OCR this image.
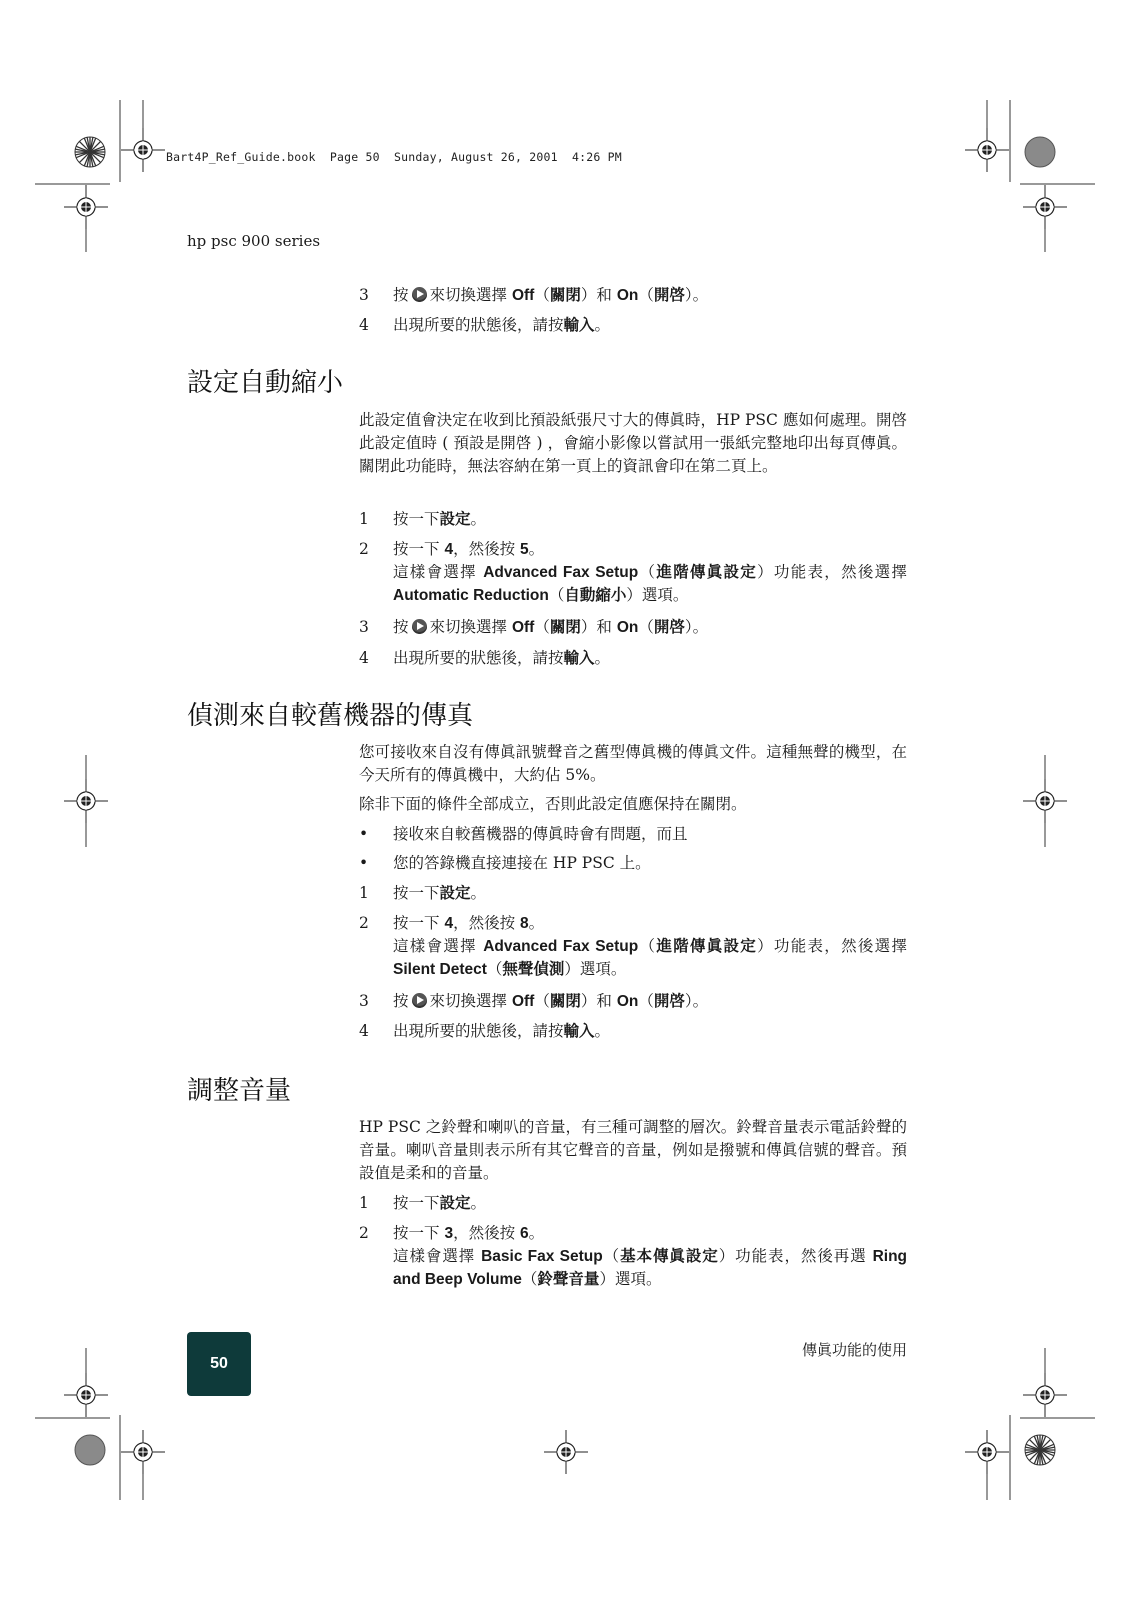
Bart4P_Ref_Guide.book  Page 50  Sunday, August 26, 2001  4:26 PM
hp psc 900 series
3	按 來切換選擇 Off（關閉）和 On（開啓）。
4	出現所要的狀態後，請按輸入。
設定自動縮小

此設定值會決定在收到比預設紙張尺寸大的傳眞時，HP PSC 應如何處理。開啓此設定值時 ( 預設是開啓 ) ，會縮小影像以嘗試用一張紙完整地印出每頁傳眞。關閉此功能時，無法容納在第一頁上的資訊會印在第二頁上。

1	按一下設定。
2	按一下 4，然後按 5。
這樣會選擇 Advanced Fax Setup（進階傳眞設定）功能表，然後選擇 Automatic Reduction（自動縮小）選項。
3	按 來切換選擇 Off（關閉）和 On（開啓）。
4	出現所要的狀態後，請按輸入。
偵測來自較舊機器的傳真

您可接收來自沒有傳眞訊號聲音之舊型傳眞機的傳眞文件。這種無聲的機型，在今天所有的傳眞機中，大約佔 5%。

除非下面的條件全部成立，否則此設定值應保持在關閉。

•	接收來自較舊機器的傳眞時會有問題，而且
•	您的答錄機直接連接在 HP PSC 上。
1	按一下設定。
2	按一下 4，然後按 8。
這樣會選擇 Advanced Fax Setup（進階傳眞設定）功能表，然後選擇 Silent Detect（無聲偵測）選項。
3	按 來切換選擇 Off（關閉）和 On（開啓）。
4	出現所要的狀態後，請按輸入。
調整音量

HP PSC 之鈴聲和喇叭的音量，有三種可調整的層次。鈴聲音量表示電話鈴聲的音量。喇叭音量則表示所有其它聲音的音量，例如是撥號和傳眞信號的聲音。預設值是柔和的音量。

1	按一下設定。
2	按一下 3，然後按 6。
這樣會選擇 Basic Fax Setup（基本傳眞設定）功能表，然後再選 Ring and Beep Volume（鈴聲音量）選項。
50
傳眞功能的使用
